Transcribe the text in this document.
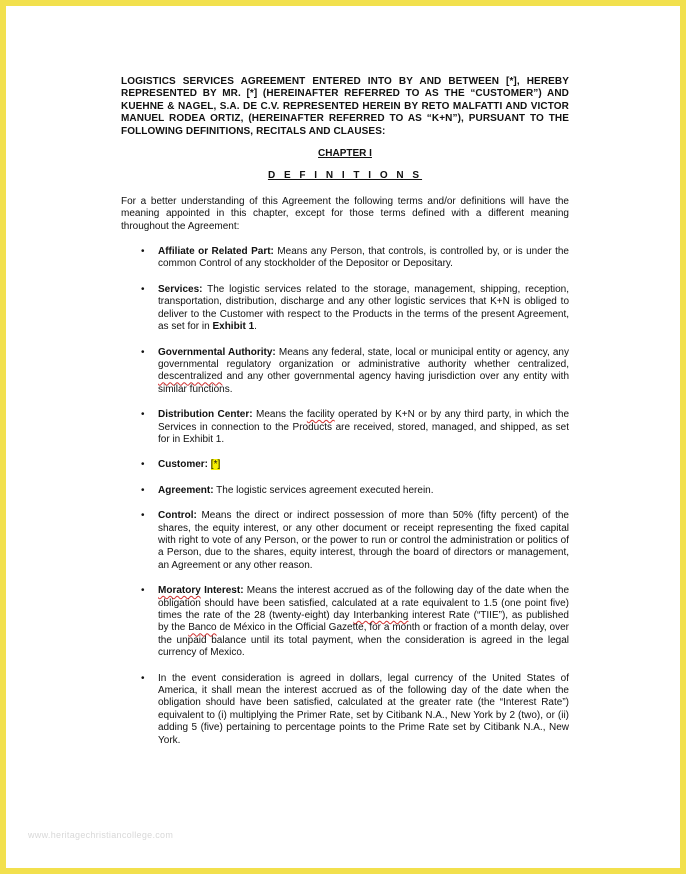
LOGISTICS SERVICES AGREEMENT ENTERED INTO BY AND BETWEEN [*], HEREBY REPRESENTED BY MR. [*] (HEREINAFTER REFERRED TO AS THE “CUSTOMER”) AND KUEHNE & NAGEL, S.A. DE C.V. REPRESENTED HEREIN BY RETO MALFATTI AND VICTOR MANUEL RODEA ORTIZ, (HEREINAFTER REFERRED TO AS “K+N”), PURSUANT TO THE FOLLOWING DEFINITIONS, RECITALS AND CLAUSES:
CHAPTER I
D E F I N I T I O N S
For a better understanding of this Agreement the following terms and/or definitions will have the meaning appointed in this chapter, except for those terms defined with a different meaning throughout the Agreement:
• Affiliate or Related Part: Means any Person, that controls, is controlled by, or is under the common Control of any stockholder of the Depositor or Depositary.
• Services: The logistic services related to the storage, management, shipping, reception, transportation, distribution, discharge and any other logistic services that K+N is obliged to deliver to the Customer with respect to the Products in the terms of the present Agreement, as set for in Exhibit 1.
• Governmental Authority: Means any federal, state, local or municipal entity or agency, any governmental regulatory organization or administrative authority whether centralized, descentralized and any other governmental agency having jurisdiction over any entity with similar functions.
• Distribution Center: Means the facility operated by K+N or by any third party, in which the Services in connection to the Products are received, stored, managed, and shipped, as set for in Exhibit 1.
• Customer: [*]
• Agreement: The logistic services agreement executed herein.
• Control: Means the direct or indirect possession of more than 50% (fifty percent) of the shares, the equity interest, or any other document or receipt representing the fixed capital with right to vote of any Person, or the power to run or control the administration or politics of a Person, due to the shares, equity interest, through the board of directors or management, an Agreement or any other reason.
• Moratory Interest: Means the interest accrued as of the following day of the date when the obligation should have been satisfied, calculated at a rate equivalent to 1.5 (one point five) times the rate of the 28 (twenty-eight) day Interbanking interest Rate (“TIIE”), as published by the Banco de México in the Official Gazette, for a month or fraction of a month delay, over the unpaid balance until its total payment, when the consideration is agreed in the legal currency of Mexico.
• In the event consideration is agreed in dollars, legal currency of the United States of America, it shall mean the interest accrued as of the following day of the date when the obligation should have been satisfied, calculated at the greater rate (the “Interest Rate”) equivalent to (i) multiplying the Primer Rate, set by Citibank N.A., New York by 2 (two), or (ii) adding 5 (five) pertaining to percentage points to the Prime Rate set by Citibank N.A., New York.
www.heritagechristiancollege.com
